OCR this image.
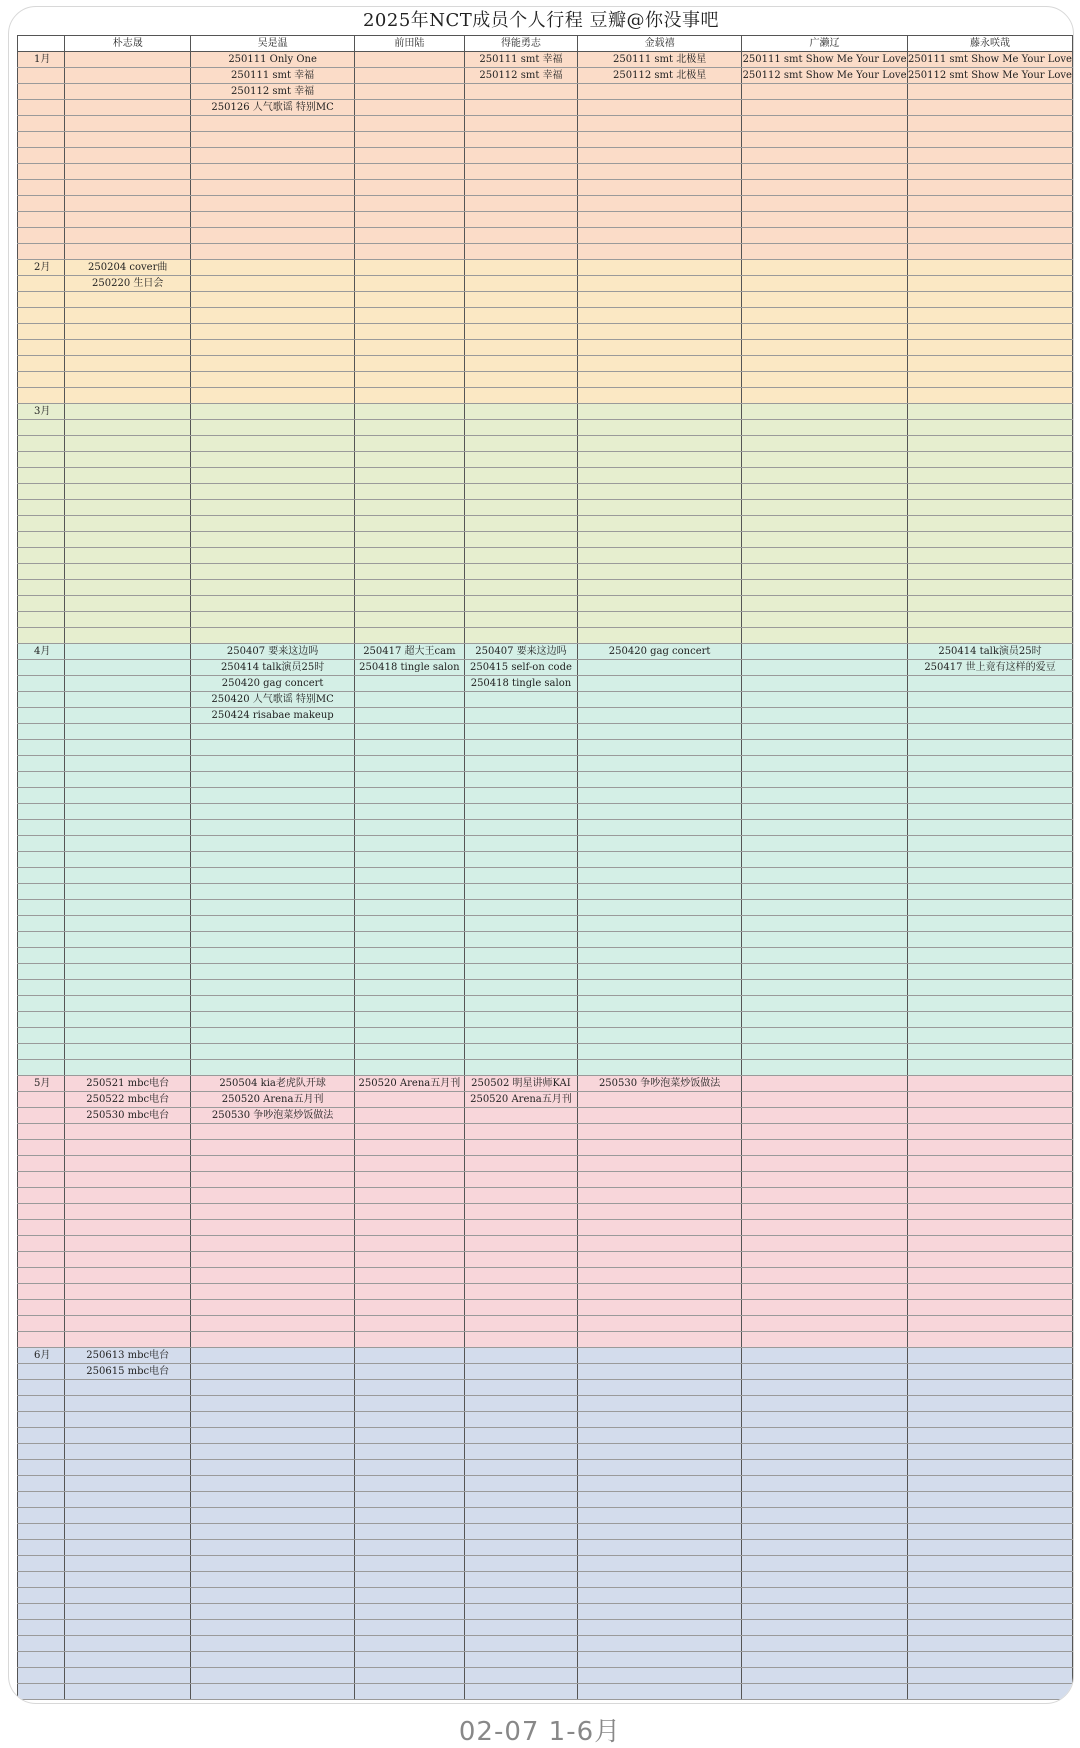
2025年NCT成员个人行程 豆瓣@你没事吧
	朴志晟	吴是温	前田陆	得能勇志	金载禧	广濑辽	藤永咲哉
1月		250111 Only One		250111 smt 幸福	250111 smt 北极星	250111 smt Show Me Your Love	250111 smt Show Me Your Love
		250111 smt 幸福		250112 smt 幸福	250112 smt 北极星	250112 smt Show Me Your Love	250112 smt Show Me Your Love
		250112 smt 幸福					
		250126 人气歌谣 特别MC					

2月	250204 cover曲						
	250220 生日会						

3月							

4月		250407 要来这边吗	250417 超大王cam	250407 要来这边吗	250420 gag concert		250414 talk演员25时
		250414 talk演员25时	250418 tingle salon	250415 self-on code			250417 世上竟有这样的爱豆
		250420 gag concert		250418 tingle salon			
		250420 人气歌谣 特别MC					
		250424 risabae makeup					

5月	250521 mbc电台	250504 kia老虎队开球	250520 Arena五月刊	250502 明星讲师KAI	250530 争吵泡菜炒饭做法		
	250522 mbc电台	250520 Arena五月刊		250520 Arena五月刊			
	250530 mbc电台	250530 争吵泡菜炒饭做法					

6月	250613 mbc电台						
	250615 mbc电台						

02-07 1-6月
